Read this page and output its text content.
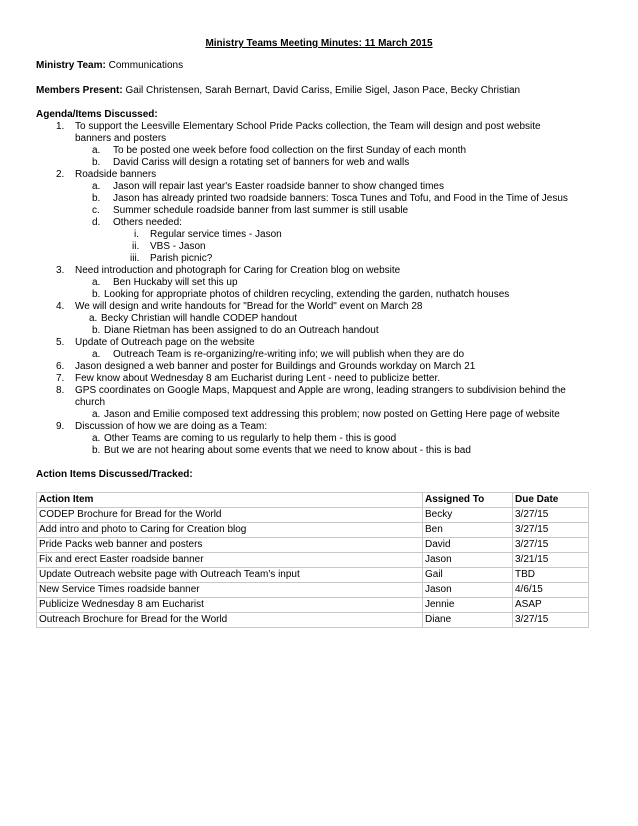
Ministry Teams Meeting Minutes: 11 March 2015
Ministry Team: Communications
Members Present: Gail Christensen, Sarah Bernart, David Cariss, Emilie Sigel, Jason Pace, Becky Christian
Agenda/Items Discussed:
1. To support the Leesville Elementary School Pride Packs collection, the Team will design and post website
banners and posters
a. To be posted one week before food collection on the first Sunday of each month
b. David Cariss will design a rotating set of banners for web and walls
2. Roadside banners
a. Jason will repair last year's Easter roadside banner to show changed times
b. Jason has already printed two roadside banners: Tosca Tunes and Tofu, and Food in the Time of Jesus
c. Summer schedule roadside banner from last summer is still usable
d. Others needed:
i. Regular service times - Jason
ii. VBS - Jason
iii. Parish picnic?
3. Need introduction and photograph for Caring for Creation blog on website
a. Ben Huckaby will set this up
b. Looking for appropriate photos of children recycling, extending the garden, nuthatch houses
4. We will design and write handouts for "Bread for the World" event on March 28
a. Becky Christian will handle CODEP handout
b. Diane Rietman has been assigned to do an Outreach handout
5. Update of Outreach page on the website
a. Outreach Team is re-organizing/re-writing info; we will publish when they are do
6. Jason designed a web banner and poster for Buildings and Grounds workday on March 21
7. Few know about Wednesday 8 am Eucharist during Lent - need to publicize better.
8. GPS coordinates on Google Maps, Mapquest and Apple are wrong, leading strangers to subdivision behind the
church
a. Jason and Emilie composed text addressing this problem; now posted on Getting Here page of website
9. Discussion of how we are doing as a Team:
a. Other Teams are coming to us regularly to help them - this is good
b. But we are not hearing about some events that we need to know about - this is bad
Action Items Discussed/Tracked:
Action Item	Assigned To	Due Date
CODEP Brochure for Bread for the World	Becky	3/27/15
Add intro and photo to Caring for Creation blog	Ben	3/27/15
Pride Packs web banner and posters	David	3/27/15
Fix and erect Easter roadside banner	Jason	3/21/15
Update Outreach website page with Outreach Team's input	Gail	TBD
New Service Times roadside banner	Jason	4/6/15
Publicize Wednesday 8 am Eucharist	Jennie	ASAP
Outreach Brochure for Bread for the World	Diane	3/27/15
